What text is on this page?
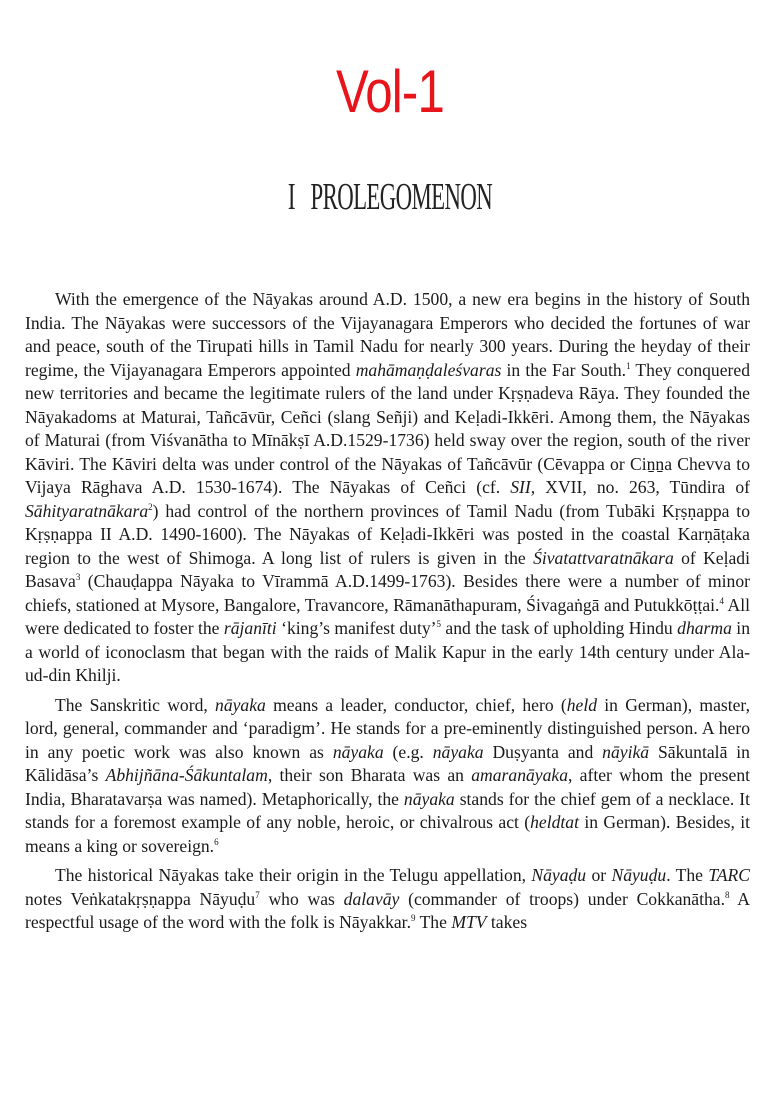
Vol-1
I PROLEGOMENON

With the emergence of the Nāyakas around A.D. 1500, a new era begins in the history of South India. The Nāyakas were successors of the Vijayanagara Emperors who decided the fortunes of war and peace, south of the Tirupati hills in Tamil Nadu for nearly 300 years. During the heyday of their regime, the Vijayanagara Emperors appointed mahāmaṇḍaleśvaras in the Far South.$^1$ They conquered new territories and became the legitimate rulers of the land under Kṛṣṇadeva Rāya. They founded the Nāyakadoms at Maturai, Tañcāvūr, Ceñci (slang Señji) and Keḷadi-Ikkēri. Among them, the Nāyakas of Maturai (from Viśvanātha to Mīnākṣī A.D.1529-1736) held sway over the region, south of the river Kāviri. The Kāviri delta was under control of the Nāyakas of Tañcāvūr (Cēvappa or Ciṉṉa Chevva to Vijaya Rāghava A.D. 1530-1674). The Nāyakas of Ceñci (cf. SII, XVII, no. 263, Tūndira of Sāhityaratnākara$^2$) had control of the northern provinces of Tamil Nadu (from Tubāki Kṛṣṇappa to Kṛṣṇappa II A.D. 1490-1600). The Nāyakas of Keḷadi-Ikkēri was posted in the coastal Karṇāṭaka region to the west of Shimoga. A long list of rulers is given in the Śivatattvaratnākara of Keḷadi Basava$^3$ (Chauḍappa Nāyaka to Vīrammā A.D.1499-1763). Besides there were a number of minor chiefs, stationed at Mysore, Bangalore, Travancore, Rāmanāthapuram, Śivagaṅgā and Putukkōṭṭai.$^4$ All were dedicated to foster the rājanīti ‘king’s manifest duty’$^5$ and the task of upholding Hindu dharma in a world of iconoclasm that began with the raids of Malik Kapur in the early 14th century under Ala-ud-din Khilji.

The Sanskritic word, nāyaka means a leader, conductor, chief, hero (held in German), master, lord, general, commander and ‘paradigm’. He stands for a pre-eminently distinguished person. A hero in any poetic work was also known as nāyaka (e.g. nāyaka Duṣyanta and nāyikā Sākuntalā in Kālidāsa’s Abhijñāna-Śākuntalam, their son Bharata was an amaranāyaka, after whom the present India, Bharatavarṣa was named). Metaphorically, the nāyaka stands for the chief gem of a necklace. It stands for a foremost example of any noble, heroic, or chivalrous act (heldtat in German). Besides, it means a king or sovereign.$^6$

The historical Nāyakas take their origin in the Telugu appellation, Nāyaḍu or Nāyuḍu. The TARC notes Veṅkatakṛṣṇappa Nāyuḍu$^7$ who was dalavāy (commander of troops) under Cokkanātha.$^8$ A respectful usage of the word with the folk is Nāyakkar.$^9$ The MTV takes
